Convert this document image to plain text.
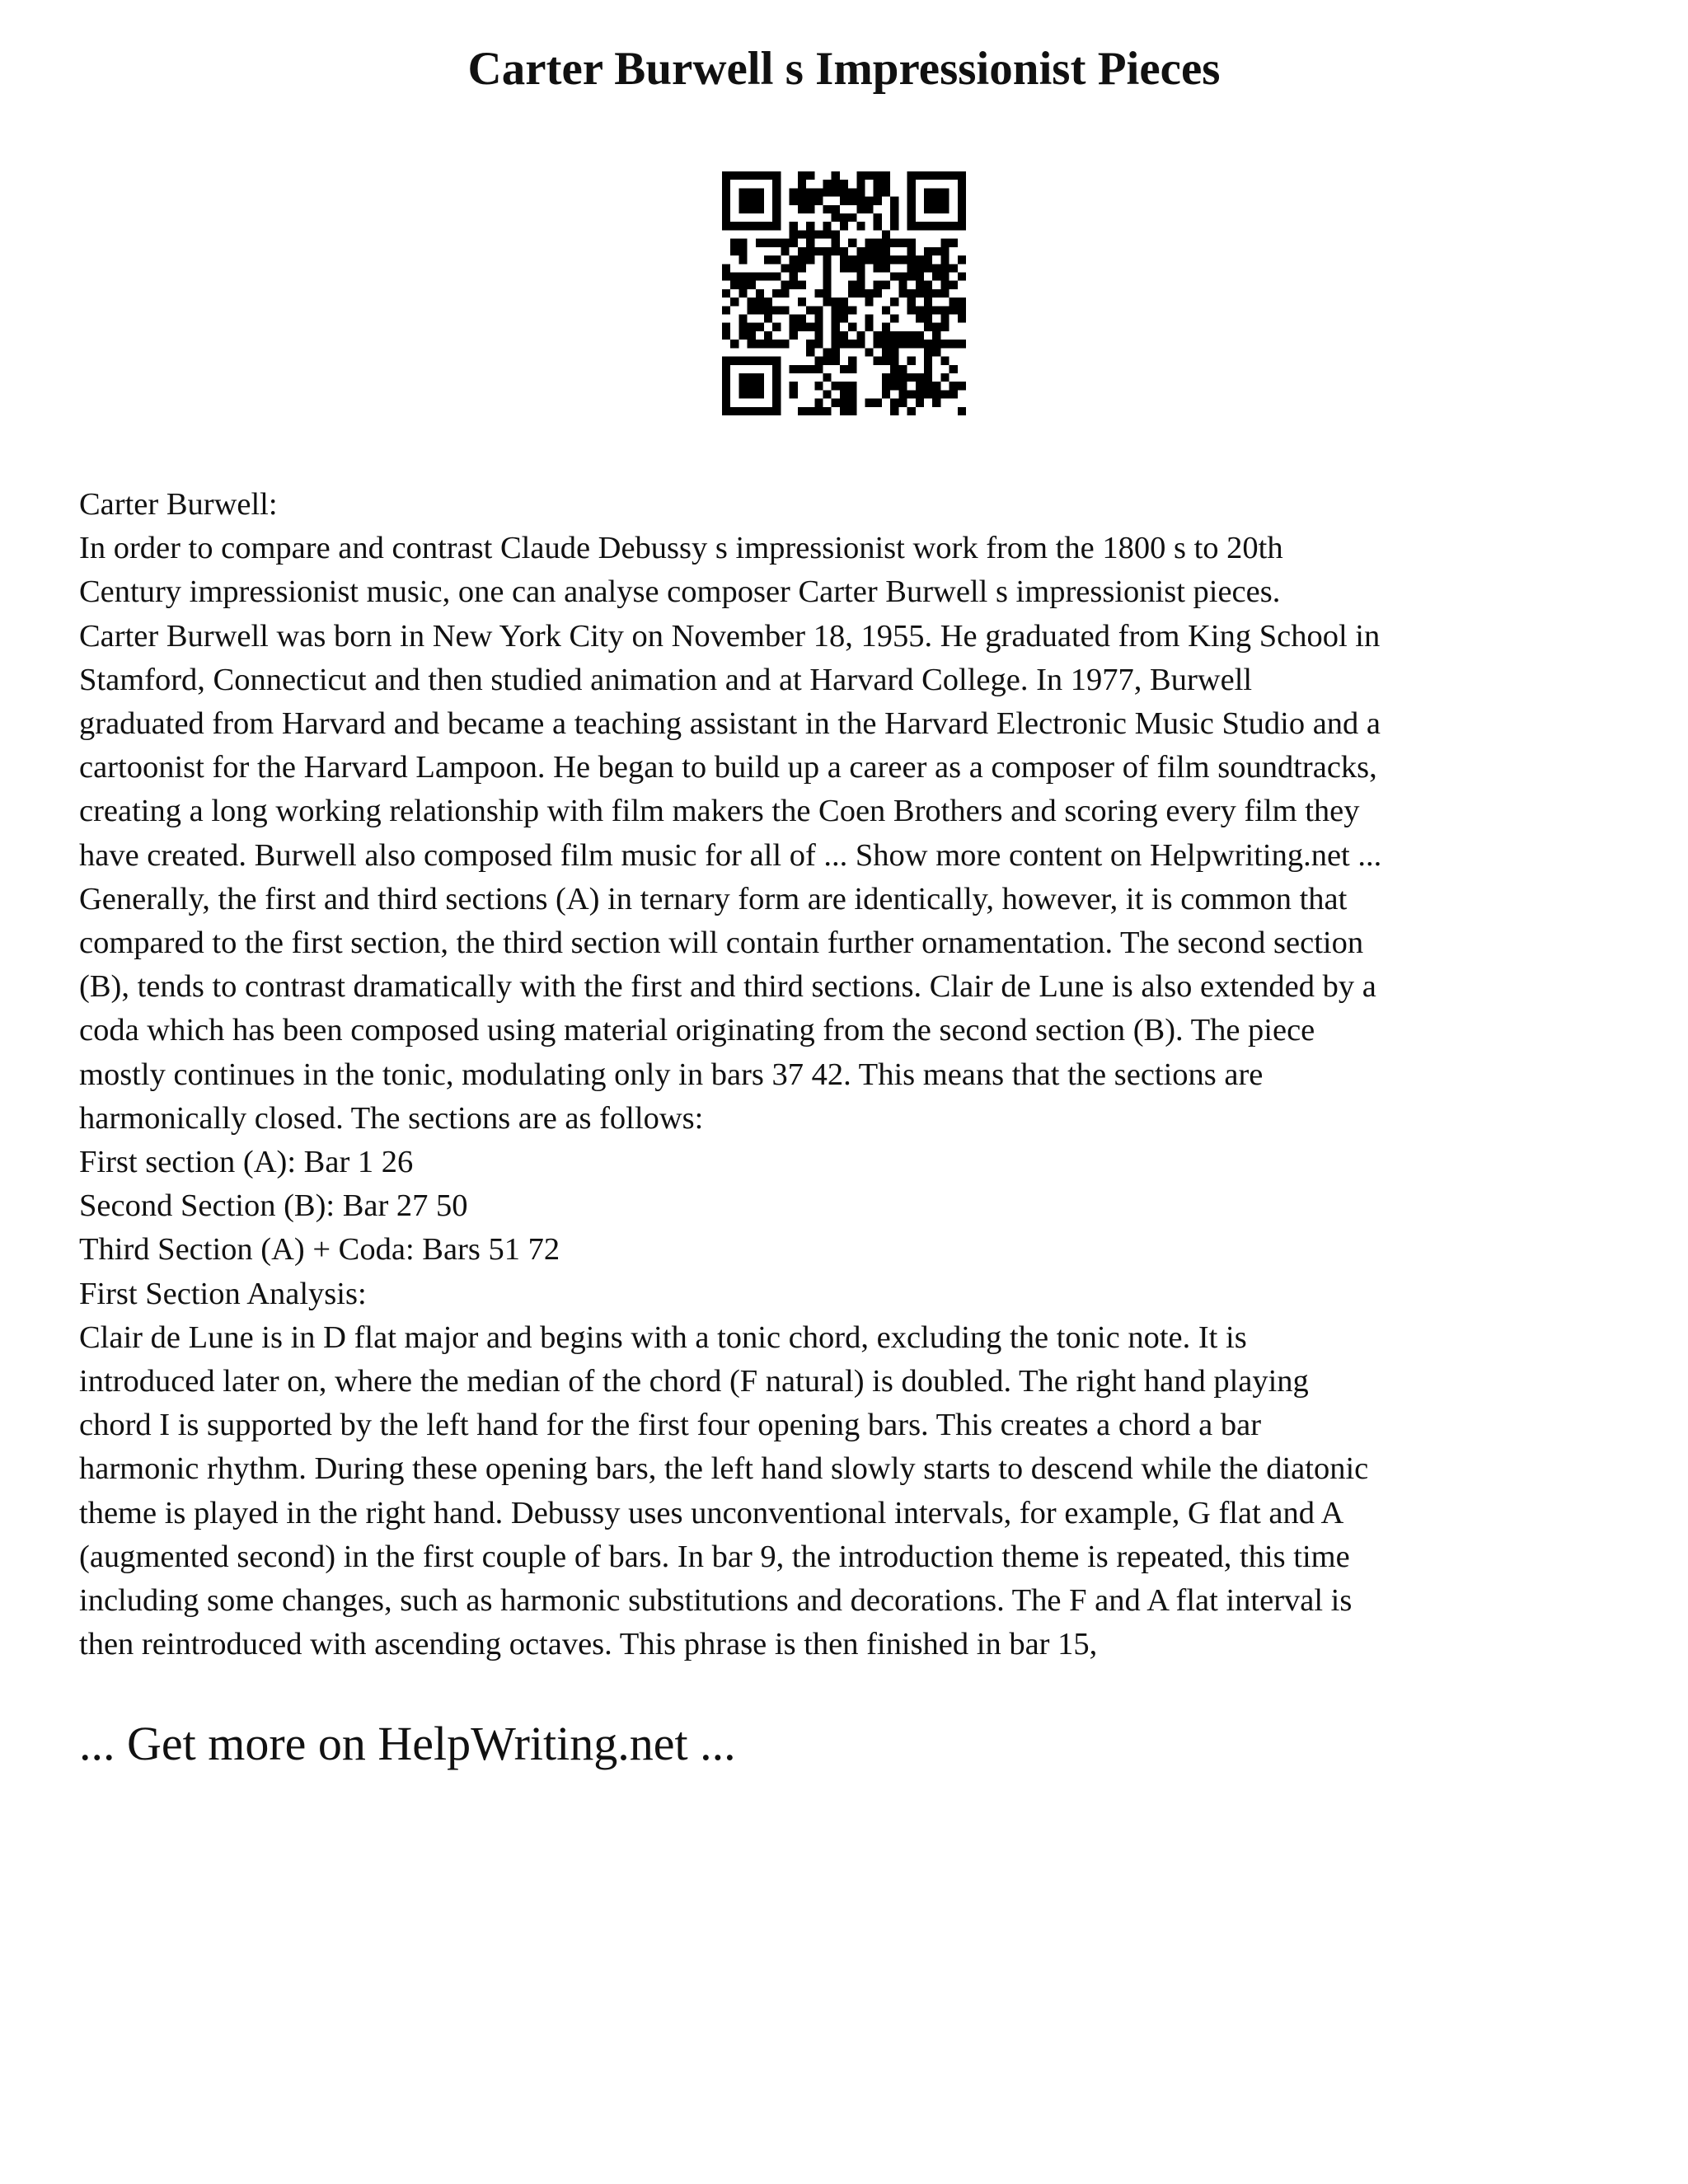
Carter Burwell s Impressionist Pieces
Carter Burwell:
In order to compare and contrast Claude Debussy s impressionist work from the 1800 s to 20th
Century impressionist music, one can analyse composer Carter Burwell s impressionist pieces.
Carter Burwell was born in New York City on November 18, 1955. He graduated from King School in
Stamford, Connecticut and then studied animation and at Harvard College. In 1977, Burwell
graduated from Harvard and became a teaching assistant in the Harvard Electronic Music Studio and a
cartoonist for the Harvard Lampoon. He began to build up a career as a composer of film soundtracks,
creating a long working relationship with film makers the Coen Brothers and scoring every film they
have created. Burwell also composed film music for all of ... Show more content on Helpwriting.net ...
Generally, the first and third sections (A) in ternary form are identically, however, it is common that
compared to the first section, the third section will contain further ornamentation. The second section
(B), tends to contrast dramatically with the first and third sections. Clair de Lune is also extended by a
coda which has been composed using material originating from the second section (B). The piece
mostly continues in the tonic, modulating only in bars 37 42. This means that the sections are
harmonically closed. The sections are as follows:
First section (A): Bar 1 26
Second Section (B): Bar 27 50
Third Section (A) + Coda: Bars 51 72
First Section Analysis:
Clair de Lune is in D flat major and begins with a tonic chord, excluding the tonic note. It is
introduced later on, where the median of the chord (F natural) is doubled. The right hand playing
chord I is supported by the left hand for the first four opening bars. This creates a chord a bar
harmonic rhythm. During these opening bars, the left hand slowly starts to descend while the diatonic
theme is played in the right hand. Debussy uses unconventional intervals, for example, G flat and A
(augmented second) in the first couple of bars. In bar 9, the introduction theme is repeated, this time
including some changes, such as harmonic substitutions and decorations. The F and A flat interval is
then reintroduced with ascending octaves. This phrase is then finished in bar 15,
... Get more on HelpWriting.net ...
